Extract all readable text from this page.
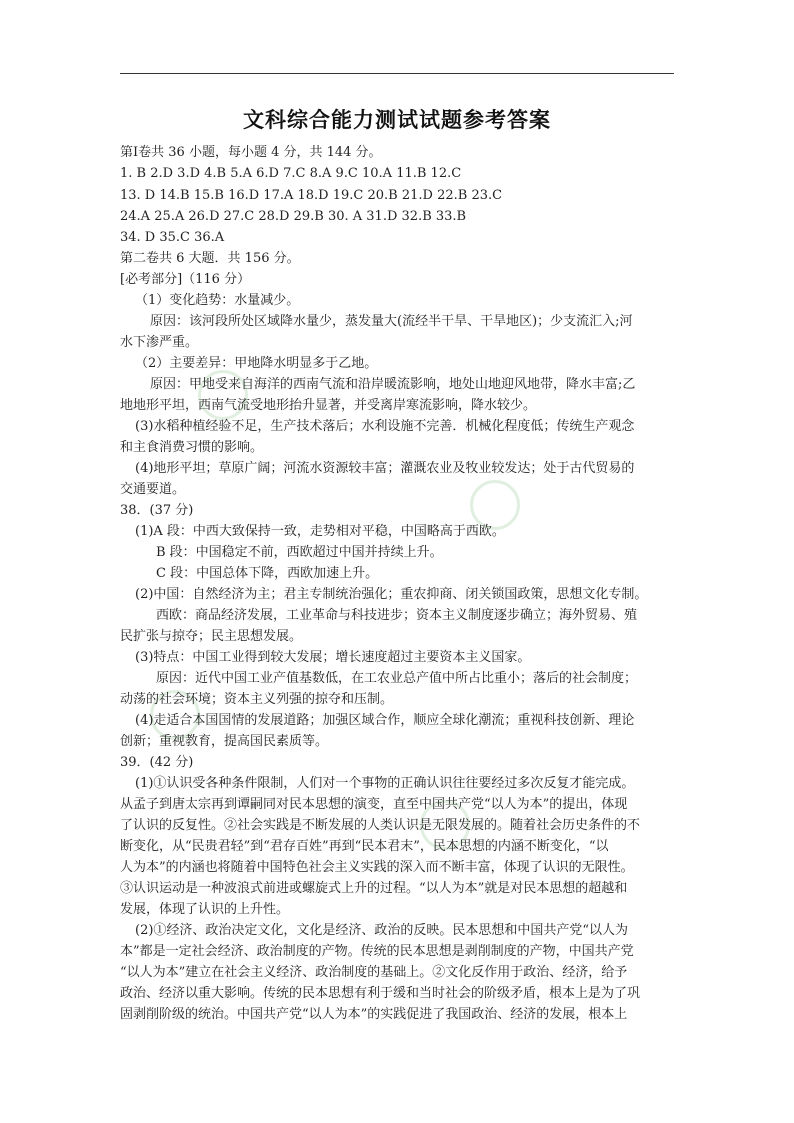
文科综合能力测试试题参考答案
第Ⅰ卷共 36 小题，每小题 4 分，共 144 分。
1. B 2.D 3.D 4.B 5.A 6.D 7.C 8.A 9.C 10.A 11.B 12.C
13. D 14.B 15.B 16.D 17.A 18.D 19.C 20.B 21.D 22.B 23.C
24.A 25.A 26.D 27.C 28.D 29.B 30. A 31.D 32.B 33.B
34. D 35.C 36.A
第二卷共 6 大题．共 156 分。
[必考部分]（116 分）
（1）变化趋势：水量减少。
原因：该河段所处区域降水量少，蒸发量大(流经半干旱、干旱地区)；少支流汇入;河
水下渗严重。
（2）主要差异：甲地降水明显多于乙地。
原因：甲地受来自海洋的西南气流和沿岸暖流影响，地处山地迎风地带，降水丰富;乙
地地形平坦，西南气流受地形抬升显著，并受离岸寒流影响，降水较少。
(3)水稻种植经验不足，生产技术落后；水利设施不完善．机械化程度低；传统生产观念
和主食消费习惯的影响。
(4)地形平坦；草原广阔；河流水资源较丰富；灌溉农业及牧业较发达；处于古代贸易的
交通要道。
38．(37 分)
(1)A 段：中西大致保持一致，走势相对平稳，中国略高于西欧。
B 段：中国稳定不前，西欧超过中国并持续上升。
C 段：中国总体下降，西欧加速上升。
(2)中国：自然经济为主；君主专制统治强化；重农抑商、闭关锁国政策，思想文化专制。
西欧：商品经济发展，工业革命与科技进步；资本主义制度逐步确立；海外贸易、殖
民扩张与掠夺；民主思想发展。
(3)特点：中国工业得到较大发展；增长速度超过主要资本主义国家。
原因：近代中国工业产值基数低，在工农业总产值中所占比重小；落后的社会制度；
动荡的社会环境；资本主义列强的掠夺和压制。
(4)走适合本国国情的发展道路；加强区域合作，顺应全球化潮流；重视科技创新、理论
创新；重视教育，提高国民素质等。
39．(42 分)
(1)①认识受各种条件限制，人们对一个事物的正确认识往往要经过多次反复才能完成。
从孟子到唐太宗再到谭嗣同对民本思想的演变，直至中国共产党“以人为本”的提出，体现
了认识的反复性。②社会实践是不断发展的人类认识是无限发展的。随着社会历史条件的不
断变化，从“民贵君轻”到“君存百姓”再到“民本君末”，民本思想的内涵不断变化，“以
人为本”的内涵也将随着中国特色社会主义实践的深入而不断丰富，体现了认识的无限性。
③认识运动是一种波浪式前进或螺旋式上升的过程。“以人为本”就是对民本思想的超越和
发展，体现了认识的上升性。
(2)①经济、政治决定文化，文化是经济、政治的反映。民本思想和中国共产党“以人为
本”都是一定社会经济、政治制度的产物。传统的民本思想是剥削制度的产物，中国共产党
“以人为本”建立在社会主义经济、政治制度的基础上。②文化反作用于政治、经济，给予
政治、经济以重大影响。传统的民本思想有利于缓和当时社会的阶级矛盾，根本上是为了巩
固剥削阶级的统治。中国共产党“以人为本”的实践促进了我国政治、经济的发展，根本上
